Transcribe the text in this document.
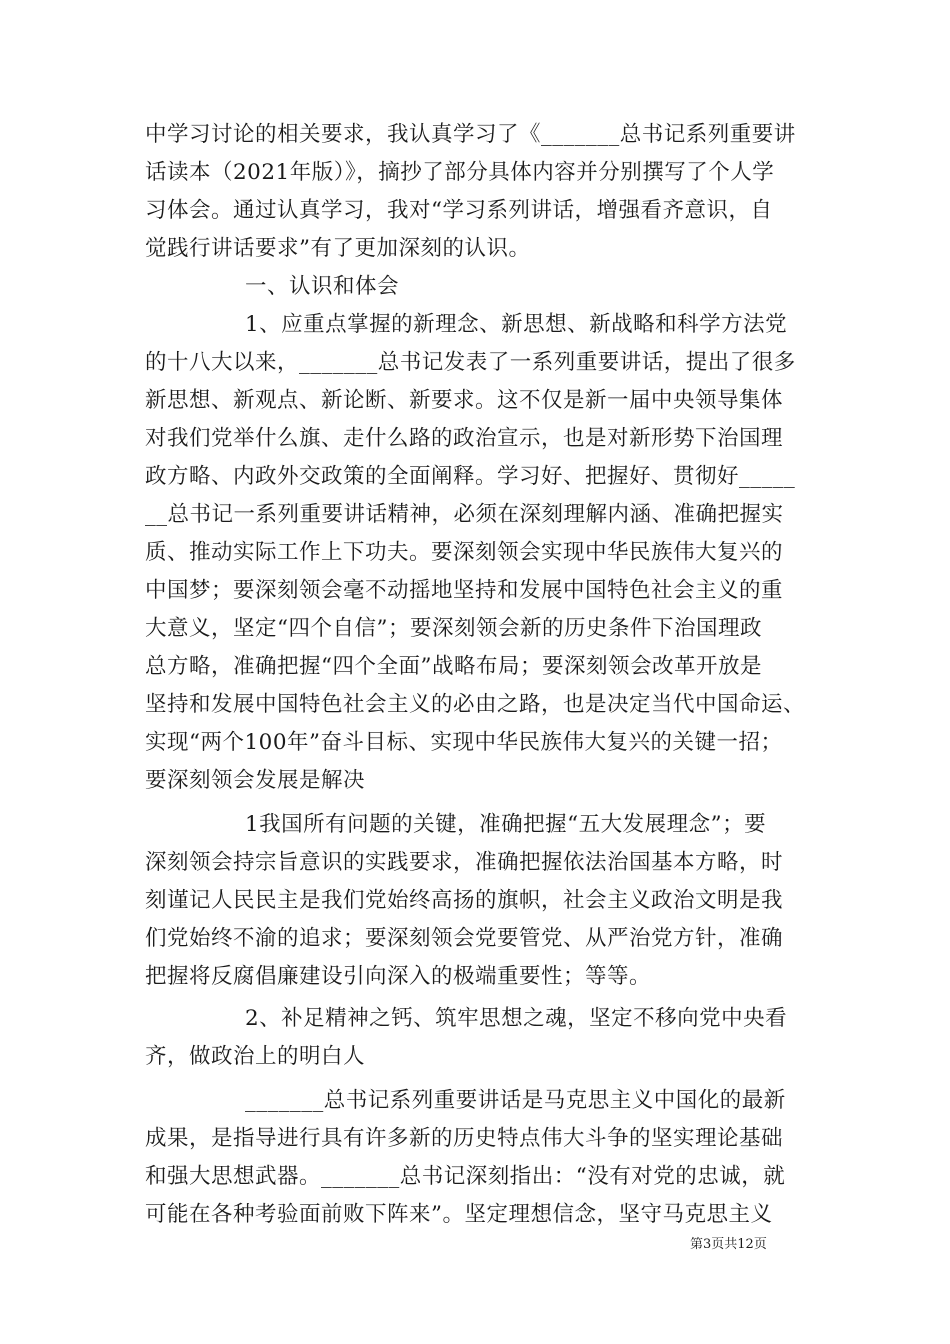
中学习讨论的相关要求，我认真学习了《_______总书记系列重要讲
话读本（2021年版）》，摘抄了部分具体内容并分别撰写了个人学
习体会。通过认真学习，我对“学习系列讲话，增强看齐意识，自
觉践行讲话要求”有了更加深刻的认识。
一、认识和体会
1、应重点掌握的新理念、新思想、新战略和科学方法党
的十八大以来，_______总书记发表了一系列重要讲话，提出了很多
新思想、新观点、新论断、新要求。这不仅是新一届中央领导集体
对我们党举什么旗、走什么路的政治宣示，也是对新形势下治国理
政方略、内政外交政策的全面阐释。学习好、把握好、贯彻好_____
__总书记一系列重要讲话精神，必须在深刻理解内涵、准确把握实
质、推动实际工作上下功夫。要深刻领会实现中华民族伟大复兴的
中国梦；要深刻领会毫不动摇地坚持和发展中国特色社会主义的重
大意义，坚定“四个自信”；要深刻领会新的历史条件下治国理政
总方略，准确把握“四个全面”战略布局；要深刻领会改革开放是
坚持和发展中国特色社会主义的必由之路，也是决定当代中国命运、
实现“两个100年”奋斗目标、实现中华民族伟大复兴的关键一招；
要深刻领会发展是解决
1我国所有问题的关键，准确把握“五大发展理念”；要
深刻领会持宗旨意识的实践要求，准确把握依法治国基本方略，时
刻谨记人民民主是我们党始终高扬的旗帜，社会主义政治文明是我
们党始终不渝的追求；要深刻领会党要管党、从严治党方针，准确
把握将反腐倡廉建设引向深入的极端重要性；等等。
2、补足精神之钙、筑牢思想之魂，坚定不移向党中央看
齐，做政治上的明白人
_______总书记系列重要讲话是马克思主义中国化的最新
成果，是指导进行具有许多新的历史特点伟大斗争的坚实理论基础
和强大思想武器。_______总书记深刻指出：“没有对党的忠诚，就
可能在各种考验面前败下阵来”。坚定理想信念，坚守马克思主义
第3页共12页
